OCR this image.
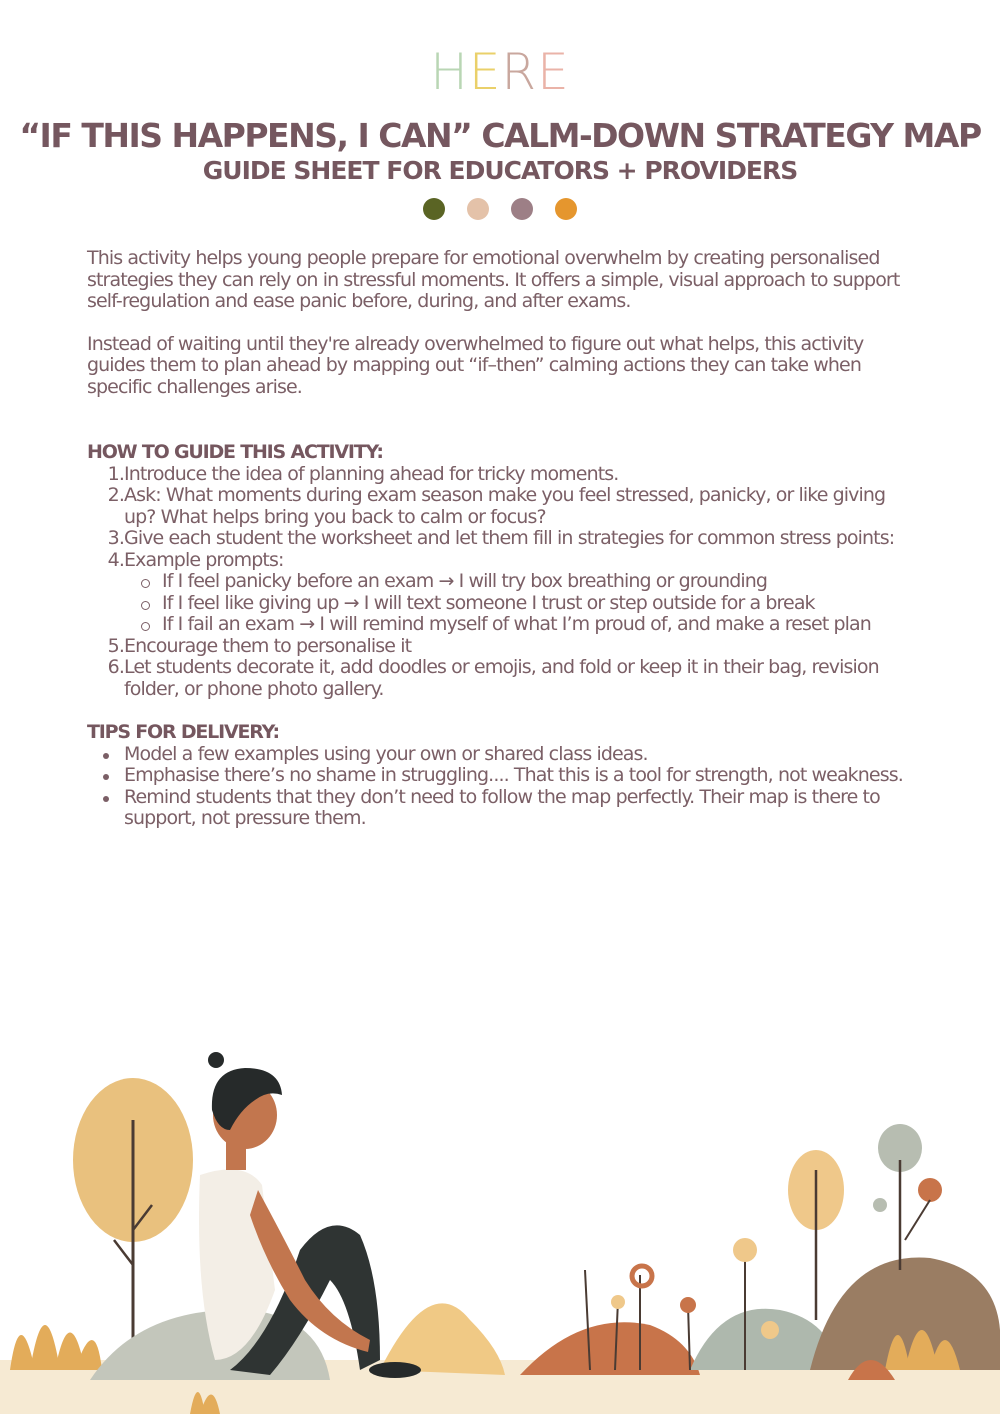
HERE
“IF THIS HAPPENS, I CAN” CALM-DOWN STRATEGY MAP
GUIDE SHEET FOR EDUCATORS + PROVIDERS

This activity helps young people prepare for emotional overwhelm by creating personalised strategies they can rely on in stressful moments. It offers a simple, visual approach to support self-regulation and ease panic before, during, and after exams.

Instead of waiting until they're already overwhelmed to figure out what helps, this activity guides them to plan ahead by mapping out “if–then” calming actions they can take when specific challenges arise.

HOW TO GUIDE THIS ACTIVITY:
1. Introduce the idea of planning ahead for tricky moments.
2. Ask: What moments during exam season make you feel stressed, panicky, or like giving up? What helps bring you back to calm or focus?
3. Give each student the worksheet and let them fill in strategies for common stress points:
4. Example prompts:
If I feel panicky before an exam → I will try box breathing or grounding
If I feel like giving up → I will text someone I trust or step outside for a break
If I fail an exam → I will remind myself of what I’m proud of, and make a reset plan
5. Encourage them to personalise it
6. Let students decorate it, add doodles or emojis, and fold or keep it in their bag, revision folder, or phone photo gallery.
TIPS FOR DELIVERY:
Model a few examples using your own or shared class ideas.
Emphasise there’s no shame in struggling.... That this is a tool for strength, not weakness.
Remind students that they don’t need to follow the map perfectly. Their map is there to support, not pressure them.
